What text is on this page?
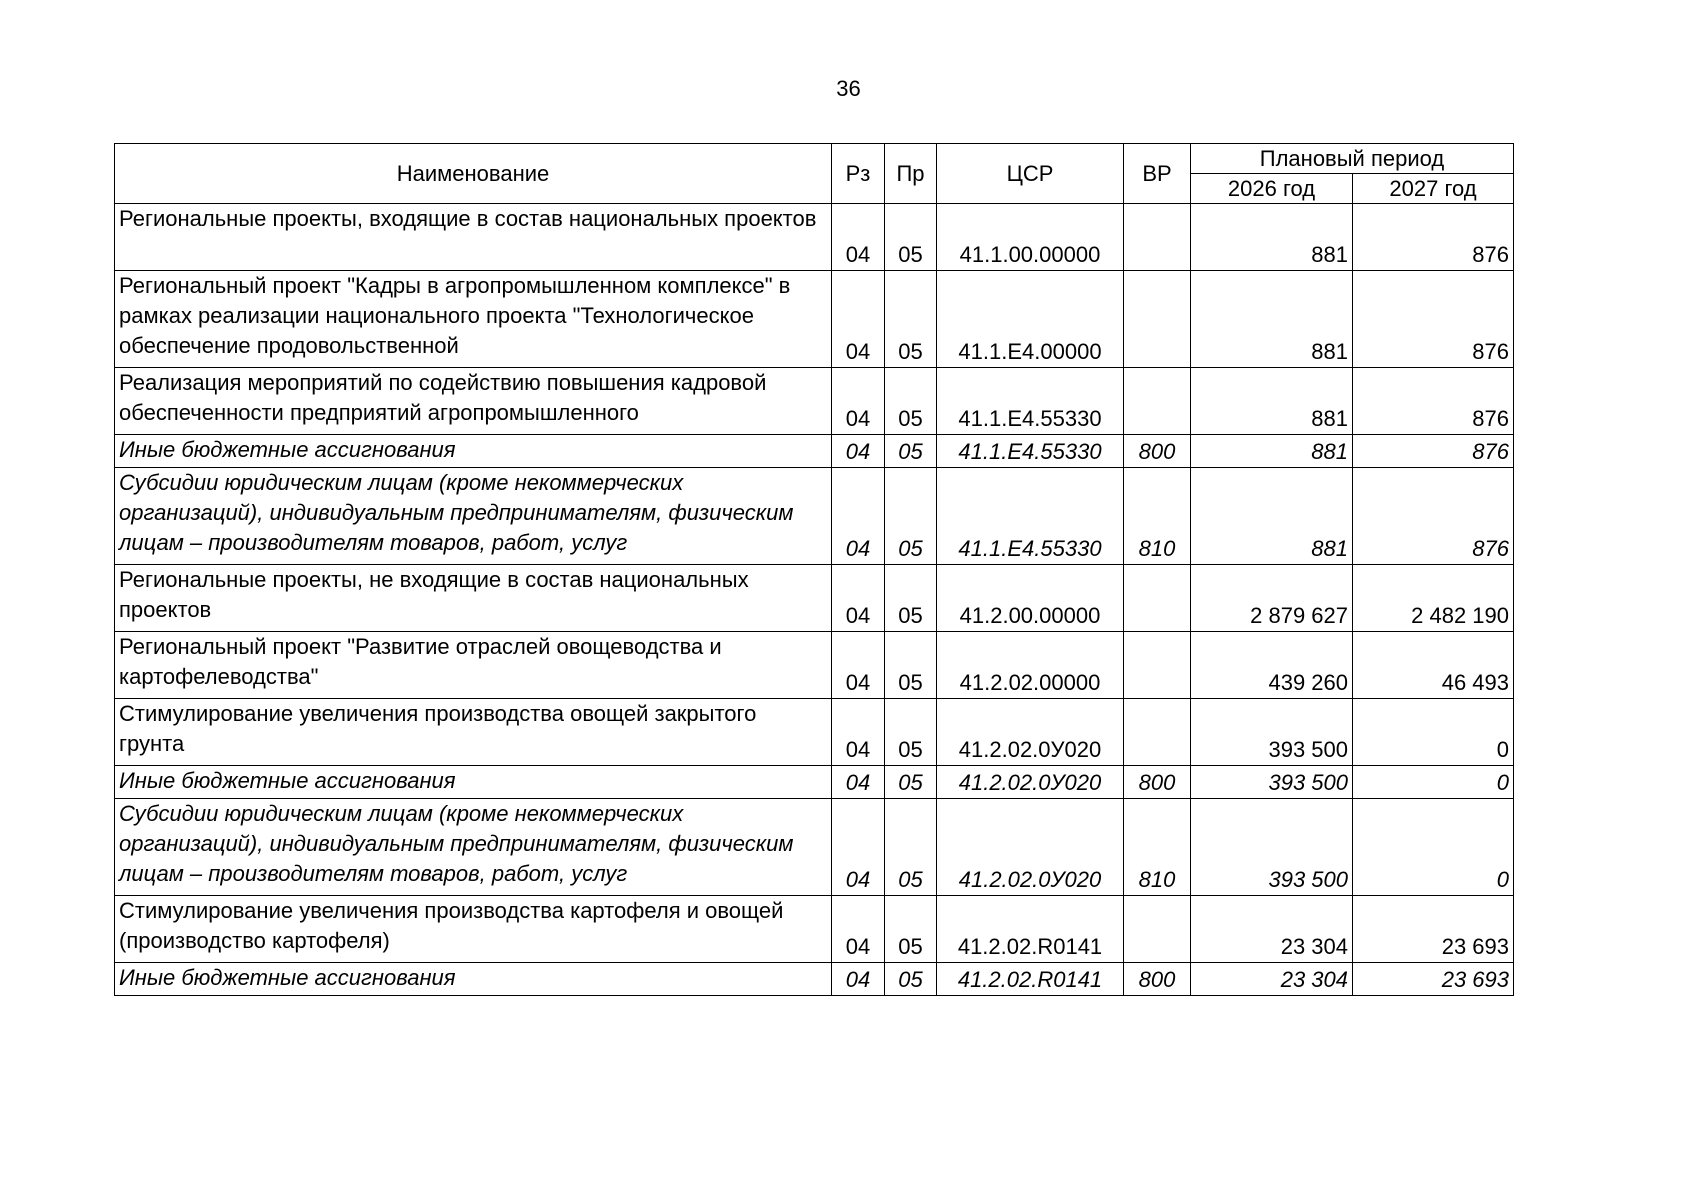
36
Наименование	Рз	Пр	ЦСР	ВР	Плановый период	
					2026 год	2027 год
Региональные проекты, входящие в состав национальных проектов	04	05	41.1.00.00000		881	876

Региональный проект "Кадры в агропромышленном комплексе" в рамках реализации национального проекта "Технологическое обеспечение продовольственной	04	05	41.1.E4.00000		881	876

Реализация мероприятий по содействию повышения кадровой обеспеченности предприятий агропромышленного	04	05	41.1.E4.55330		881	876
Иные бюджетные ассигнования	04	05	41.1.E4.55330	800	881	876
Субсидии юридическим лицам (кроме некоммерческих организаций), индивидуальным предпринимателям, физическим лицам – производителям товаров, работ, услуг	04	05	41.1.E4.55330	810	881	876
Региональные проекты, не входящие в состав национальных проектов	04	05	41.2.00.00000		2 879 627	2 482 190
Региональный проект "Развитие отраслей овощеводства и картофелеводства"	04	05	41.2.02.00000		439 260	46 493
Стимулирование увеличения производства овощей закрытого грунта	04	05	41.2.02.0У020		393 500	0
Иные бюджетные ассигнования	04	05	41.2.02.0У020	800	393 500	0
Субсидии юридическим лицам (кроме некоммерческих организаций), индивидуальным предпринимателям, физическим лицам – производителям товаров, работ, услуг	04	05	41.2.02.0У020	810	393 500	0
Стимулирование увеличения производства картофеля и овощей (производство картофеля)	04	05	41.2.02.R0141		23 304	23 693
Иные бюджетные ассигнования	04	05	41.2.02.R0141	800	23 304	23 693
